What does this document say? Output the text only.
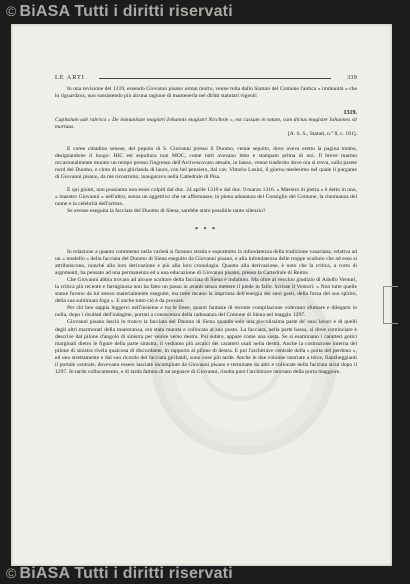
© BiASA Tutti i diritti riservati
LE ARTI	339

In una revisione del 1319, essendo Giovanni pisano ormai morto, venne tolta dallo Statuto del Comune l'antica « immunità » che lo riguardava, non sussistendo più alcuna ragione di mantenerla nei diritti statutari vigenti:

1319.

Capitulum sub rubrica « De immunitate magistri Iohannis magistri Nicchole », est cassum in totum, cum dictus magister Iohannes sit mortuus.

[A. S. S., Statuti, n.º 8, c. 181].

E come cittadino senese, del popolo di S. Giovanni presso il Duomo, venne sepolto, dove aveva eretto la pagina tomba, designandone il luogo: HIC est sepultura non MOC, come tutti avevano letto e stampato prima di noi. Il breve marmo occasionalmente murato un tempo presso l'ingresso dell'Arcivescovato attuale, in basso, venne trasferito dove ora si trova, sulla parete nord del Duomo, e cinto di una ghirlanda di lauro, con bel pensiero, dal cav. Vittorio Lusini, il giorno medesimo nel quale il purgame di Giovanni pisano, da me ricostruito, inaugurava nella Cattedrale di Pisa.

E qui giunti, non possiamo non esser colpiti dal doc. 24 aprile 1310 e dal doc. 9 marzo 1316. « Maestro di pietra » è detto in uno, « maestro Giovanni » nell'altro, senza un aggettivo che ne affermasse, in piena adunanza del Consiglio del Comune, la rinomanza del nome e la celebrità dell'artista.

Se avesse eseguita la facciata del Duomo di Siena, sarebbe stato possibile tanto silenzio?

* * *

In relazione a quanto commento nella varietà si faranno strada e soprattutto la infondatezza della tradizione vasariana, relativa ad un « modello » della facciata del Duomo di Siena eseguito da Giovanni pisano, e alla infondatezza delle troppe sculture che ad esso si attribuiscono, nonché alla loro derivazione e più alla loro cronologia. Quanto alla derivazione, è noto che la critica, a corto di argomenti, ha pensato ad una permanenza ed a una educazione di Giovanni pisano, presso la Cattedrale di Reims.

Che Giovanni abbia trovato ad alcune sculture della facciata di Siena è indubbio. Ma oltre al vecchio giudizio di Adolfo Venturi, la critica più recente e farraginosa non ha fatto un passo in avanti senza mettere il piede in fallo. Scrisse il Venturi: « Non tutte quelle statue furono da lui stesso materialmente eseguite, ma tutte recano la impronta dell'energia dei suoi gesti, della forza del suo spirito, della sua sublimata foga ». E anche tutto ciò è da provare.

Per chi ben sappia leggervi nell'insieme e tra le linee, quanti fantasie di recente compilazione volevano sfumare e dilegarsi in nulla, dopo i risultati dell'indagine, portati a conoscenza della radunanza del Comune di Siena nel maggio 1297.

Giovanni pisano lasciò in tronco la facciata del Duomo di Siena quando solo una piccolissima parte de' suoi lavori e di quelli degli altri marmorari della maestranza, era stata murata e collocata al suo posto. La facciata, nella parte bassa, si dove cominciare e descrive dal pilone d'angolo di sinistra per venire verso destra. Poi subito, appare come una sosta. Se si esaminano i caratteri gotici marginali dietro le figure della parte sinistra, il vediamo più arcaici dei caratteri usati nella destra. Anche la costruzione interna del pilone di sinistra rivela qualcosa di discordante, in rapporto al pilone di destra. E poi l'architrave centrale della « porta del perdono », ed uno strettamente e dal suo ricordo del facciata giribaldi, sono cose più tarde. Anche le due colonne istoriate a tórce, fiancheggianti il portale centrale, dovevano essere lasciate incompiute da Giovanni pisano e terminate da altri e collocate nella facciata sicut dopo il 1297. In tardo collocamento, e di tarda fattura di un seguace di Giovanni, risulta pure l'architrave istoriato della porta maggiore.

© BiASA Tutti i diritti riservati
